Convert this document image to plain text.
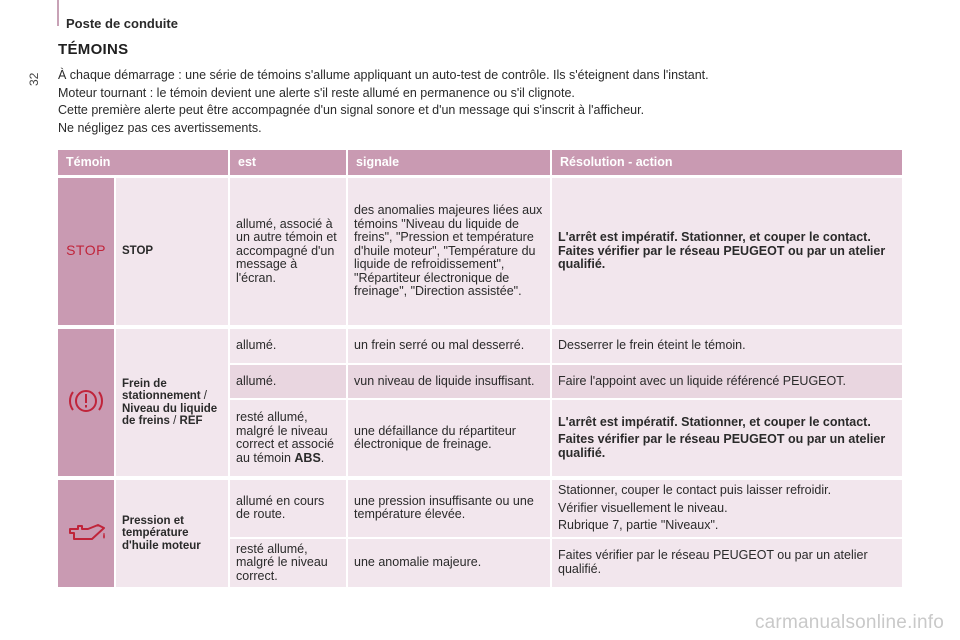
Poste de conduite
32
TÉMOINS

À chaque démarrage : une série de témoins s'allume appliquant un auto-test de contrôle. Ils s'éteignent dans l'instant.

Moteur tournant : le témoin devient une alerte s'il reste allumé en permanence ou s'il clignote.

Cette première alerte peut être accompagnée d'un signal sonore et d'un message qui s'inscrit à l'afficheur.

Ne négligez pas ces avertissements.

Témoin		est	signale	Résolution - action

STOP	STOP	allumé, associé à un autre témoin et accompagné d'un message à l'écran.	des anomalies majeures liées aux témoins "Niveau du liquide de freins", "Pression et température d'huile moteur", "Température du liquide de refroidissement", "Répartiteur électronique de freinage", "Direction assistée".	L'arrêt est impératif. Stationner, et couper le contact. Faites vérifier par le réseau PEUGEOT ou par un atelier qualifié.
	Frein de stationnement / Niveau du liquide de freins / REF	allumé.	un frein serré ou mal desserré.	Desserrer le frein éteint le témoin.
		allumé.	vun niveau de liquide insuffisant.	Faire l'appoint avec un liquide référencé PEUGEOT.
		resté allumé, malgré le niveau correct et associé au témoin ABS.	une défaillance du répartiteur électronique de freinage.	L'arrêt est impératif. Stationner, et couper le contact.

Faites vérifier par le réseau PEUGEOT ou par un atelier qualifié.

	Pression et température d'huile moteur	allumé en cours de route.	une pression insuffisante ou une température élevée.	Stationner, couper le contact puis laisser refroidir.

Vérifier visuellement le niveau.

Rubrique 7, partie "Niveaux".

		resté allumé, malgré le niveau correct.	une anomalie majeure.	Faites vérifier par le réseau PEUGEOT ou par un atelier qualifié.
carmanualsonline.info
